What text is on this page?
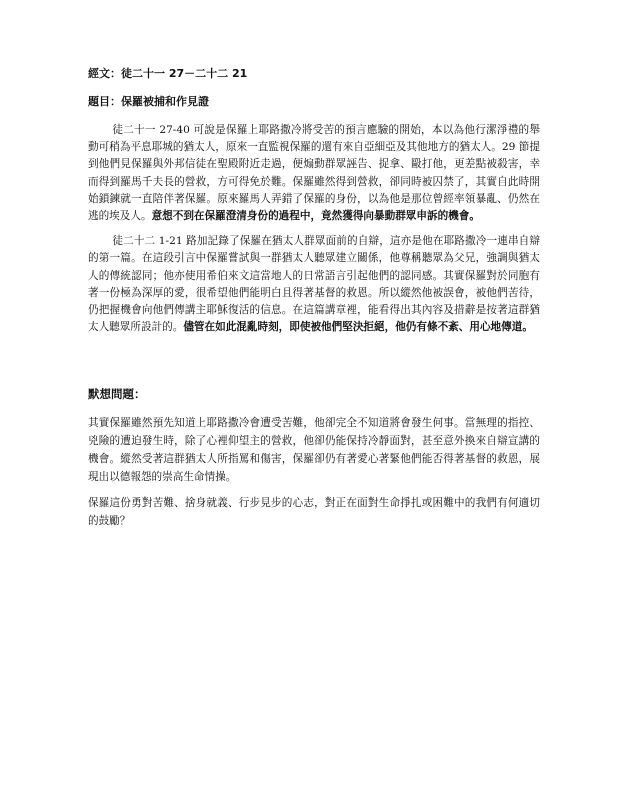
經文：徒二十一 27－二十二 21

題目：保羅被捕和作見證

徒二十一 27-40 可說是保羅上耶路撒冷將受苦的預言應驗的開始，本以為他行潔淨禮的舉動可稍為平息耶城的猶太人，原來一直監視保羅的還有來自亞細亞及其他地方的猶太人。29 節提到他們見保羅與外邦信徒在聖殿附近走過，便煽動群眾誣告、捉拿、毆打他，更差點被殺害，幸而得到羅馬千夫長的營救，方可得免於難。保羅雖然得到營救，卻同時被囚禁了，其實自此時開始鎖鍊就一直陪伴著保羅。原來羅馬人弄錯了保羅的身份，以為他是那位曾經率領暴亂、仍然在逃的埃及人。意想不到在保羅澄清身份的過程中，竟然獲得向暴動群眾申訴的機會。

徒二十二 1-21 路加記錄了保羅在猶太人群眾面前的自辯，這亦是他在耶路撒冷一連串自辯的第一篇。在這段引言中保羅嘗試與一群猶太人聽眾建立關係，他尊稱聽眾為父兄，強調與猶太人的傳統認同；他亦使用希伯來文這當地人的日常語言引起他們的認同感。其實保羅對於同胞有著一份極為深厚的愛，很希望他們能明白且得著基督的救恩。所以縱然他被誤會，被他們苦待，仍把握機會向他們傳講主耶穌復活的信息。在這篇講章裡，能看得出其內容及措辭是按著這群猶太人聽眾所設計的。儘管在如此混亂時刻，即使被他們堅決拒絕，他仍有條不紊、用心地傳道。

默想問題：

其實保羅雖然預先知道上耶路撒冷會遭受苦難，他卻完全不知道將會發生何事。當無理的指控、兇險的遭迫發生時，除了心裡仰望主的營救，他卻仍能保持冷靜面對，甚至意外換來自辯宣講的機會。縱然受著這群猶太人所指罵和傷害，保羅卻仍有著愛心著緊他們能否得著基督的救恩，展現出以德報怨的崇高生命情操。

保羅這份勇對苦難、捨身就義、行步見步的心志，對正在面對生命掙扎或困難中的我們有何適切的鼓勵？
